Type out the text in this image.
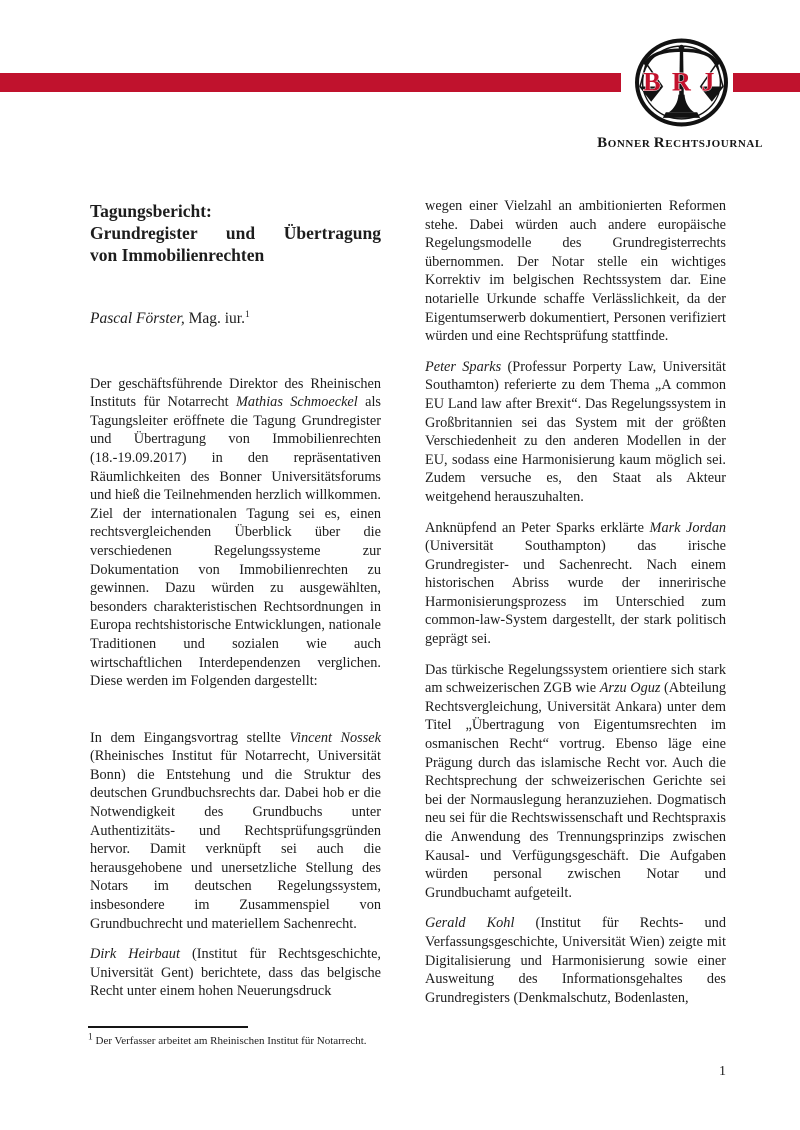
B R J
BONNER RECHTSJOURNAL
Tagungsbericht:
Grundregister und Übertragung
von Immobilienrechten
Pascal Förster, Mag. iur.$^1$

Der geschäftsführende Direktor des Rheinischen Instituts für Notarrecht Mathias Schmoeckel als Tagungsleiter eröffnete die Tagung Grundregister und Übertragung von Immobilienrechten (18.-19.09.2017) in den repräsentativen Räumlichkeiten des Bonner Universitätsforums und hieß die Teilnehmenden herzlich willkommen. Ziel der internationalen Tagung sei es, einen rechtsvergleichenden Überblick über die verschiedenen Regelungssysteme zur Dokumentation von Immobilienrechten zu gewinnen. Dazu würden zu ausgewählten, besonders charakteristischen Rechtsordnungen in Europa rechtshistorische Entwicklungen, nationale Traditionen und sozialen wie auch wirtschaftlichen Interdependenzen verglichen. Diese werden im Folgenden dargestellt:

In dem Eingangsvortrag stellte Vincent Nossek (Rheinisches Institut für Notarrecht, Universität Bonn) die Entstehung und die Struktur des deutschen Grundbuchsrechts dar. Dabei hob er die Notwendigkeit des Grundbuchs unter Authentizitäts- und Rechtsprüfungsgründen hervor. Damit verknüpft sei auch die herausgehobene und unersetzliche Stellung des Notars im deutschen Regelungssystem, insbesondere im Zusammenspiel von Grundbuchrecht und materiellem Sachenrecht.

Dirk Heirbaut (Institut für Rechtsgeschichte, Universität Gent) berichtete, dass das belgische Recht unter einem hohen Neuerungsdruck

wegen einer Vielzahl an ambitionierten Reformen stehe. Dabei würden auch andere europäische Regelungsmodelle des Grundregisterrechts übernommen. Der Notar stelle ein wichtiges Korrektiv im belgischen Rechtssystem dar. Eine notarielle Urkunde schaffe Verlässlichkeit, da der Eigentumserwerb dokumentiert, Personen verifiziert würden und eine Rechtsprüfung stattfinde.

Peter Sparks (Professur Porperty Law, Universität Southamton) referierte zu dem Thema „A common EU Land law after Brexit“. Das Regelungssystem in Großbritannien sei das System mit der größten Verschiedenheit zu den anderen Modellen in der EU, sodass eine Harmonisierung kaum möglich sei. Zudem versuche es, den Staat als Akteur weitgehend herauszuhalten.

Anknüpfend an Peter Sparks erklärte Mark Jordan (Universität Southampton) das irische Grundregister- und Sachenrecht. Nach einem historischen Abriss wurde der innerirische Harmonisierungsprozess im Unterschied zum common-law-System dargestellt, der stark politisch geprägt sei.

Das türkische Regelungssystem orientiere sich stark am schweizerischen ZGB wie Arzu Oguz (Abteilung Rechtsvergleichung, Universität Ankara) unter dem Titel „Übertragung von Eigentumsrechten im osmanischen Recht“ vortrug. Ebenso läge eine Prägung durch das islamische Recht vor. Auch die Rechtsprechung der schweizerischen Gerichte sei bei der Normauslegung heranzuziehen. Dogmatisch neu sei für die Rechtswissenschaft und Rechtspraxis die Anwendung des Trennungsprinzips zwischen Kausal- und Verfügungsgeschäft. Die Aufgaben würden personal zwischen Notar und Grundbuchamt aufgeteilt.

Gerald Kohl (Institut für Rechts- und Verfassungsgeschichte, Universität Wien) zeigte mit Digitalisierung und Harmonisierung sowie einer Ausweitung des Informationsgehaltes des Grundregisters (Denkmalschutz, Bodenlasten,

$^1$ Der Verfasser arbeitet am Rheinischen Institut für Notarrecht.
1
